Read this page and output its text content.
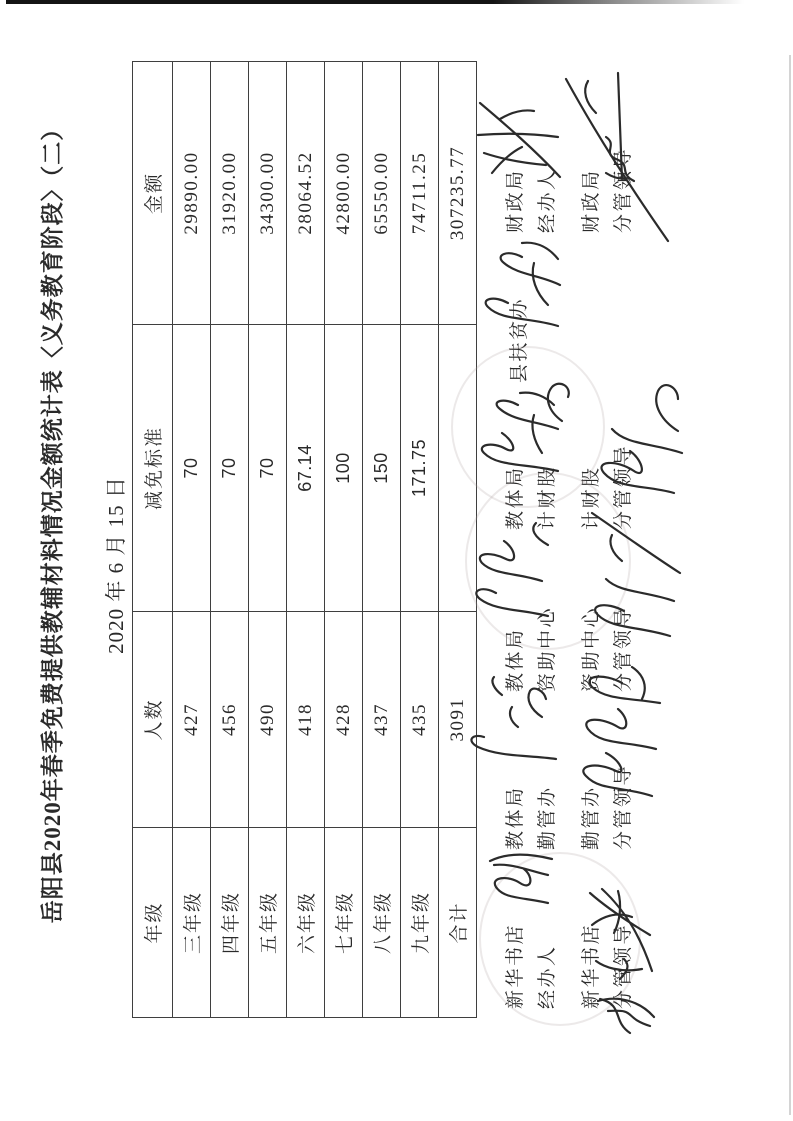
岳阳县2020年春季免费提供教辅材料情况金额统计表〈义务教育阶段〉（二） 2020 年 6 月 15 日
年级	人数	减免标准	金额
三年级	427	70	29890.00
四年级	456	70	31920.00
五年级	490	70	34300.00
六年级	418	67.14	28064.52
七年级	428	100	42800.00
八年级	437	150	65550.00
九年级	435	171.75	74711.25
合计	3091		307235.77
新华书店 经办人
教体局 勤管办
教体局 资助中心
教体局 计财股
县扶贫办
财政局 经办人
新华书店 分管领导
勤管办 分管领导
资助中心 分管领导
计财股 分管领导
财政局 分管领导
